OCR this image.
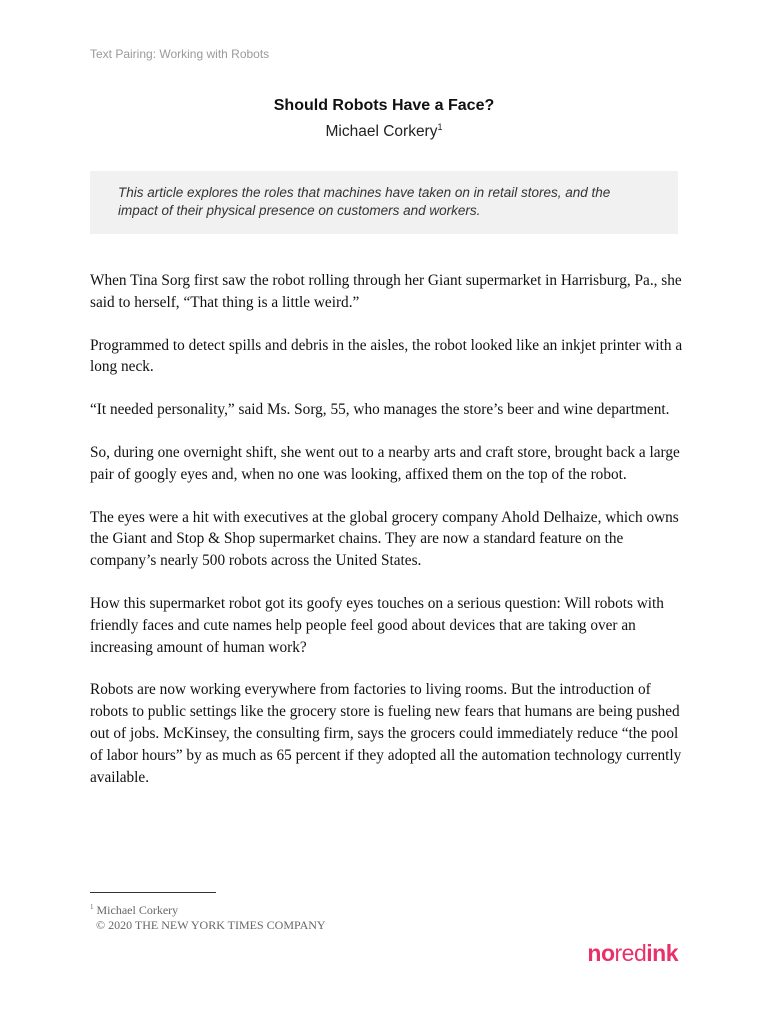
Text Pairing: Working with Robots
Should Robots Have a Face?
Michael Corkery$^1$
This article explores the roles that machines have taken on in retail stores, and the impact of their physical presence on customers and workers.

When Tina Sorg first saw the robot rolling through her Giant supermarket in Harrisburg, Pa., she said to herself, “That thing is a little weird.”

Programmed to detect spills and debris in the aisles, the robot looked like an inkjet printer with a long neck.

“It needed personality,” said Ms. Sorg, 55, who manages the store’s beer and wine department.

So, during one overnight shift, she went out to a nearby arts and craft store, brought back a large pair of googly eyes and, when no one was looking, affixed them on the top of the robot.

The eyes were a hit with executives at the global grocery company Ahold Delhaize, which owns the Giant and Stop & Shop supermarket chains. They are now a standard feature on the company’s nearly 500 robots across the United States.

How this supermarket robot got its goofy eyes touches on a serious question: Will robots with friendly faces and cute names help people feel good about devices that are taking over an increasing amount of human work?

Robots are now working everywhere from factories to living rooms. But the introduction of robots to public settings like the grocery store is fueling new fears that humans are being pushed out of jobs. McKinsey, the consulting firm, says the grocers could immediately reduce “the pool of labor hours” by as much as 65 percent if they adopted all the automation technology currently available.

$^1$ Michael Corkery
© 2020 THE NEW YORK TIMES COMPANY
noredink
